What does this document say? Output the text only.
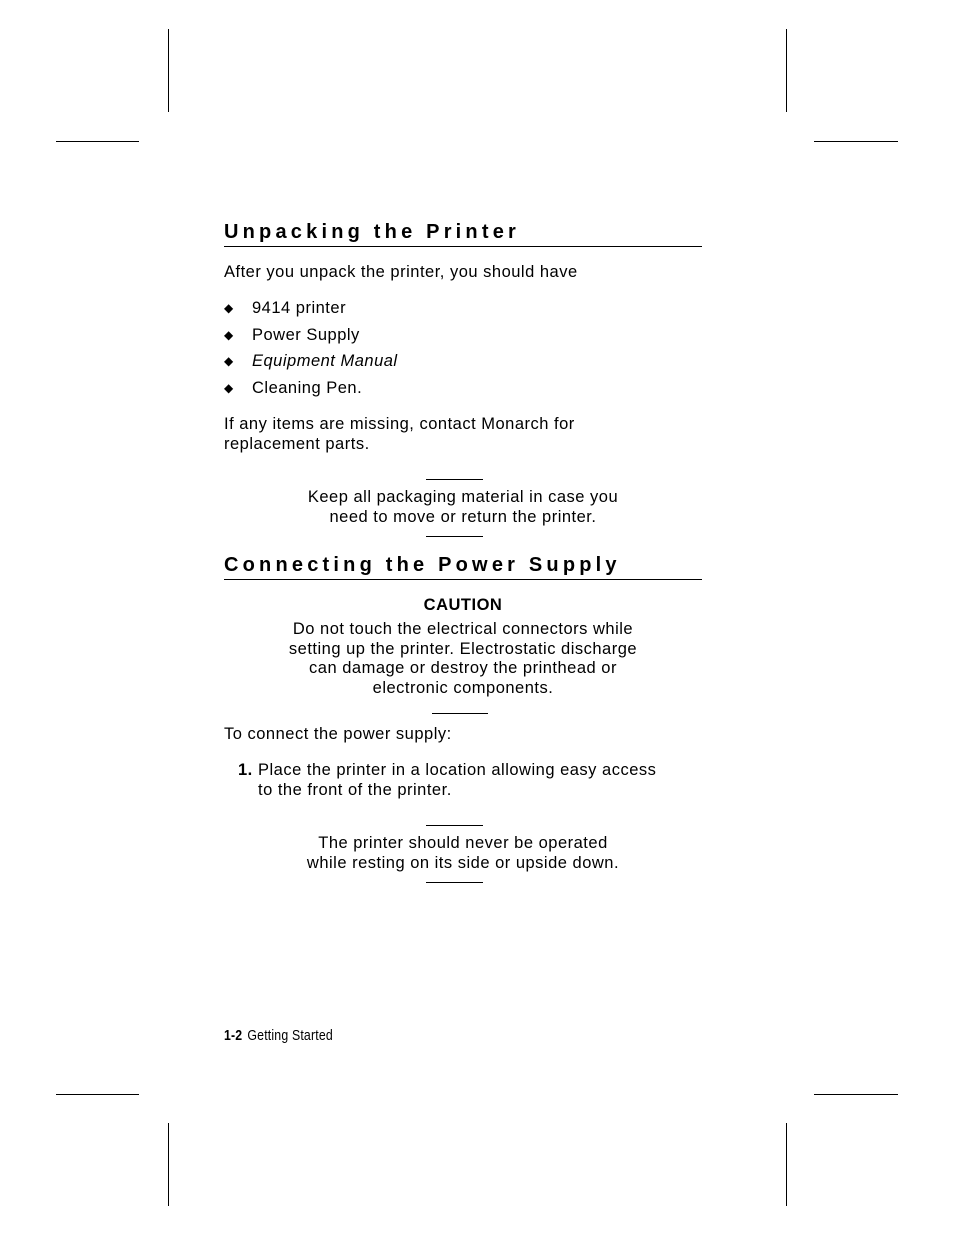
Unpacking the Printer

After you unpack the printer, you should have

◆	9414 printer
◆	Power Supply
◆	Equipment Manual
◆	Cleaning Pen.

If any items are missing, contact Monarch for
replacement parts.

Keep all packaging material in case you
need to move or return the printer.

Connecting the Power Supply
CAUTION

Do not touch the electrical connectors while
setting up the printer. Electrostatic discharge
can damage or destroy the printhead or
electronic components.

To connect the power supply:

1. Place the printer in a location allowing easy access
to the front of the printer.

The printer should never be operated
while resting on its side or upside down.

1-2 Getting Started
